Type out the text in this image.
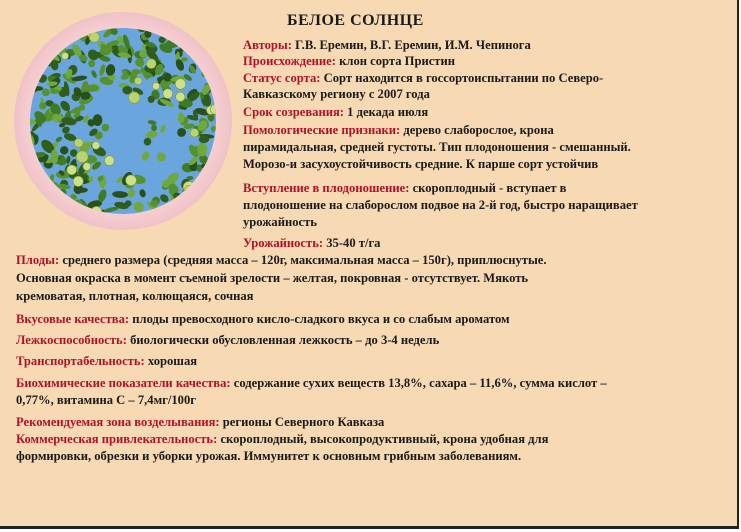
БЕЛОЕ СОЛНЦЕ
Авторы: Г.В. Еремин, В.Г. Еремин, И.М. Чепинога
Происхождение: клон сорта Пристин
Статус сорта: Сорт находится в госсортоиспытании по Северо-
Кавказскому региону с 2007 года
Срок созревания: 1 декада июля
Помологические признаки: дерево слаборослое, крона
пирамидальная, средней густоты. Тип плодоношения - смешанный.
Морозо-и засухоустойчивость средние. К парше сорт устойчив
Вступление в плодоношение: скороплодный - вступает в
плодоношение на слаборослом подвое на 2-й год, быстро наращивает
урожайность
Урожайность: 35-40 т/га
Плоды: среднего размера (средняя масса – 120г, максимальная масса – 150г), приплюснутые.
Основная окраска в момент съемной зрелости – желтая, покровная - отсутствует. Мякоть
кремоватая, плотная, колющаяся, сочная
Вкусовые качества: плоды превосходного кисло-сладкого вкуса и со слабым ароматом
Лежкоспособность: биологически обусловленная лежкость – до 3-4 недель
Транспортабельность: хорошая
Биохимические показатели качества: содержание сухих веществ 13,8%, сахара – 11,6%, сумма кислот –
0,77%, витамина С – 7,4мг/100г
Рекомендуемая зона возделывания: регионы Северного Кавказа
Коммерческая привлекательность: скороплодный, высокопродуктивный, крона удобная для
формировки, обрезки и уборки урожая. Иммунитет к основным грибным заболеваниям.
